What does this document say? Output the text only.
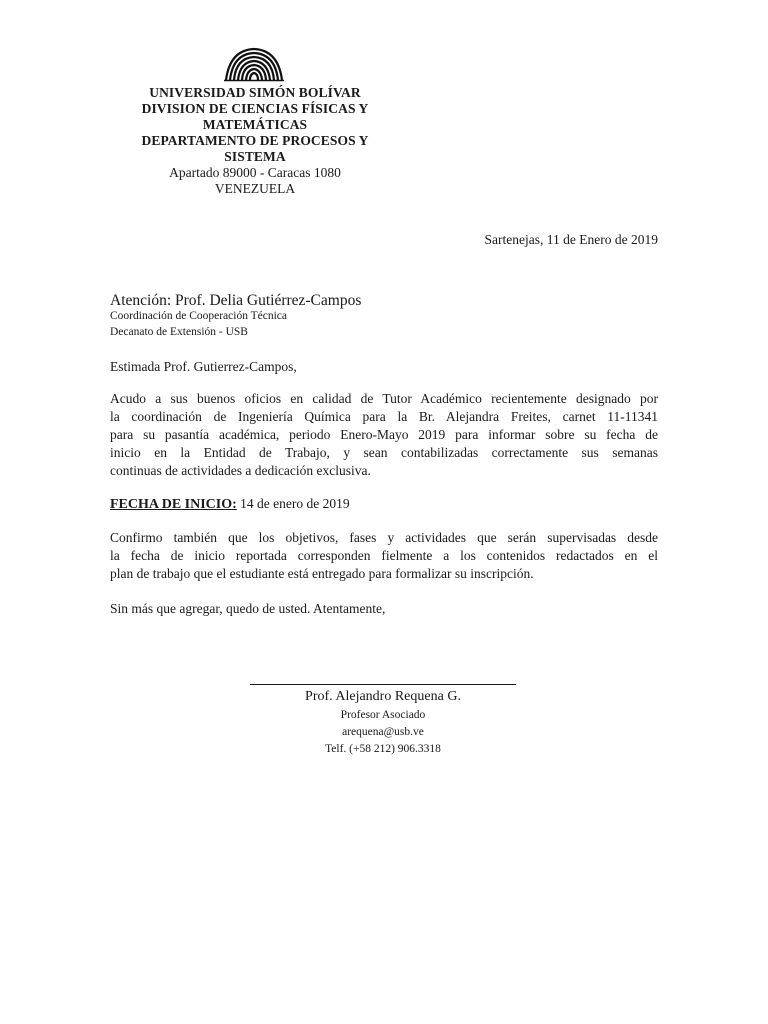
UNIVERSIDAD SIMÓN BOLÍVAR
DIVISION DE CIENCIAS FÍSICAS Y
MATEMÁTICAS
DEPARTAMENTO DE PROCESOS Y
SISTEMA
Apartado 89000 - Caracas 1080
VENEZUELA
Sartenejas, 11 de Enero de 2019
Atención: Prof. Delia Gutiérrez-Campos
Coordinación de Cooperación Técnica
Decanato de Extensión - USB
Estimada Prof. Gutierrez-Campos,
Acudo a sus buenos oficios en calidad de Tutor Académico recientemente designado por
la coordinación de Ingeniería Química para la Br. Alejandra Freites, carnet 11-11341
para su pasantía académica, periodo Enero-Mayo 2019 para informar sobre su fecha de
inicio en la Entidad de Trabajo, y sean contabilizadas correctamente sus semanas
continuas de actividades a dedicación exclusiva.
FECHA DE INICIO: 14 de enero de 2019
Confirmo también que los objetivos, fases y actividades que serán supervisadas desde
la fecha de inicio reportada corresponden fielmente a los contenidos redactados en el
plan de trabajo que el estudiante está entregado para formalizar su inscripción.
Sin más que agregar, quedo de usted. Atentamente,
Prof. Alejandro Requena G.
Profesor Asociado
arequena@usb.ve
Telf. (+58 212) 906.3318
